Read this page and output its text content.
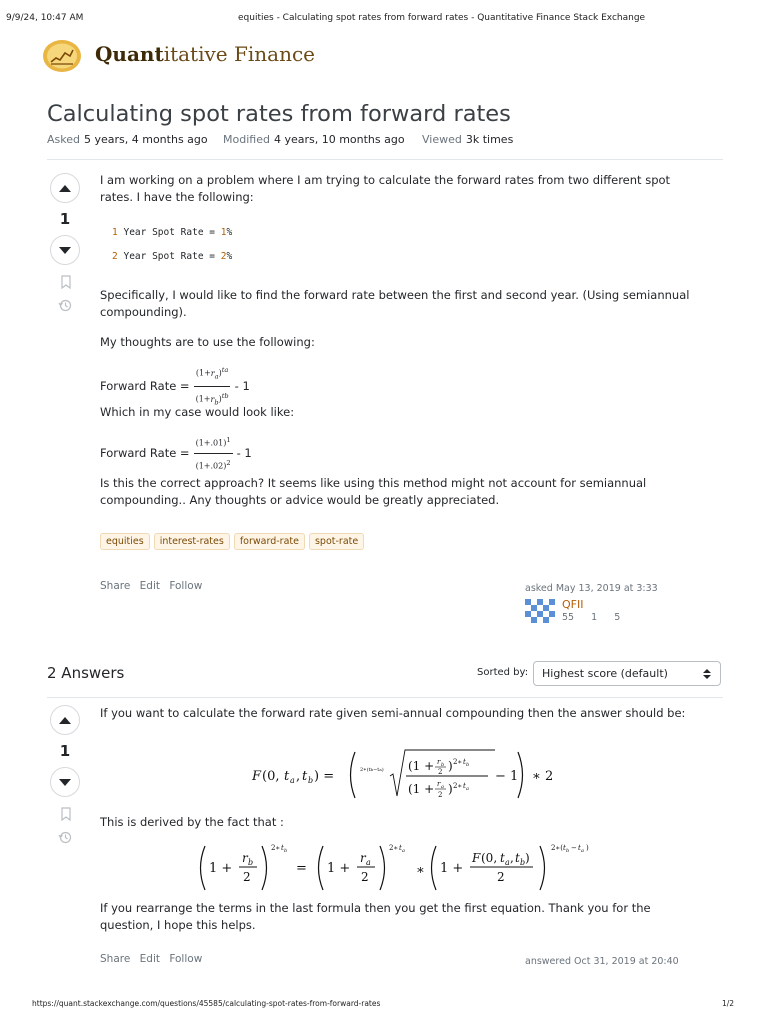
9/9/24, 10:47 AM	equities - Calculating spot rates from forward rates - Quantitative Finance Stack Exchange
Quantitative Finance
Calculating spot rates from forward rates
Asked 5 years, 4 months ago Modified 4 years, 10 months ago Viewed 3k times
1
I am working on a problem where I am trying to calculate the forward rates from two different spot rates. I have the following:
1 Year Spot Rate = 1%
2 Year Spot Rate = 2%
Specifically, I would like to find the forward rate between the first and second year. (Using semiannual compounding).
My thoughts are to use the following:
Forward Rate = $\frac{(1+r_a)^{ta}}{(1+r_b)^{tb}} - 1$
Which in my case would look like:
Forward Rate = $\frac{(1+.01)^1}{(1+.02)^2} - 1$
Is this the correct approach? It seems like using this method might not account for semiannual compounding.. Any thoughts or advice would be greatly appreciated.
equities interest-rates forward-rate spot-rate
Share Edit Follow	asked May 13, 2019 at 3:33
QFII
55 1 5
2 Answers	Sorted by: Highest score (default)
1
If you want to calculate the forward rate given semi-annual compounding then the answer should be:
F (0, t a , t b ) =	2∗(tb−ta) (1 + r b
2 ) 2∗ t b
(1 + r a
2 ) 2∗ t a
− 1 ∗ 2
This is derived by the fact that :
1 +
r b
2
2∗ t b
= 1 +
r a
2
2∗ t a
∗ 1 +
F (0, t a , t b )
2
2∗( t b − t a )
If you rearrange the terms in the last formula then you get the first equation. Thank you for the question, I hope this helps.
Share Edit Follow	answered Oct 31, 2019 at 20:40
https://quant.stackexchange.com/questions/45585/calculating-spot-rates-from-forward-rates	1/2
